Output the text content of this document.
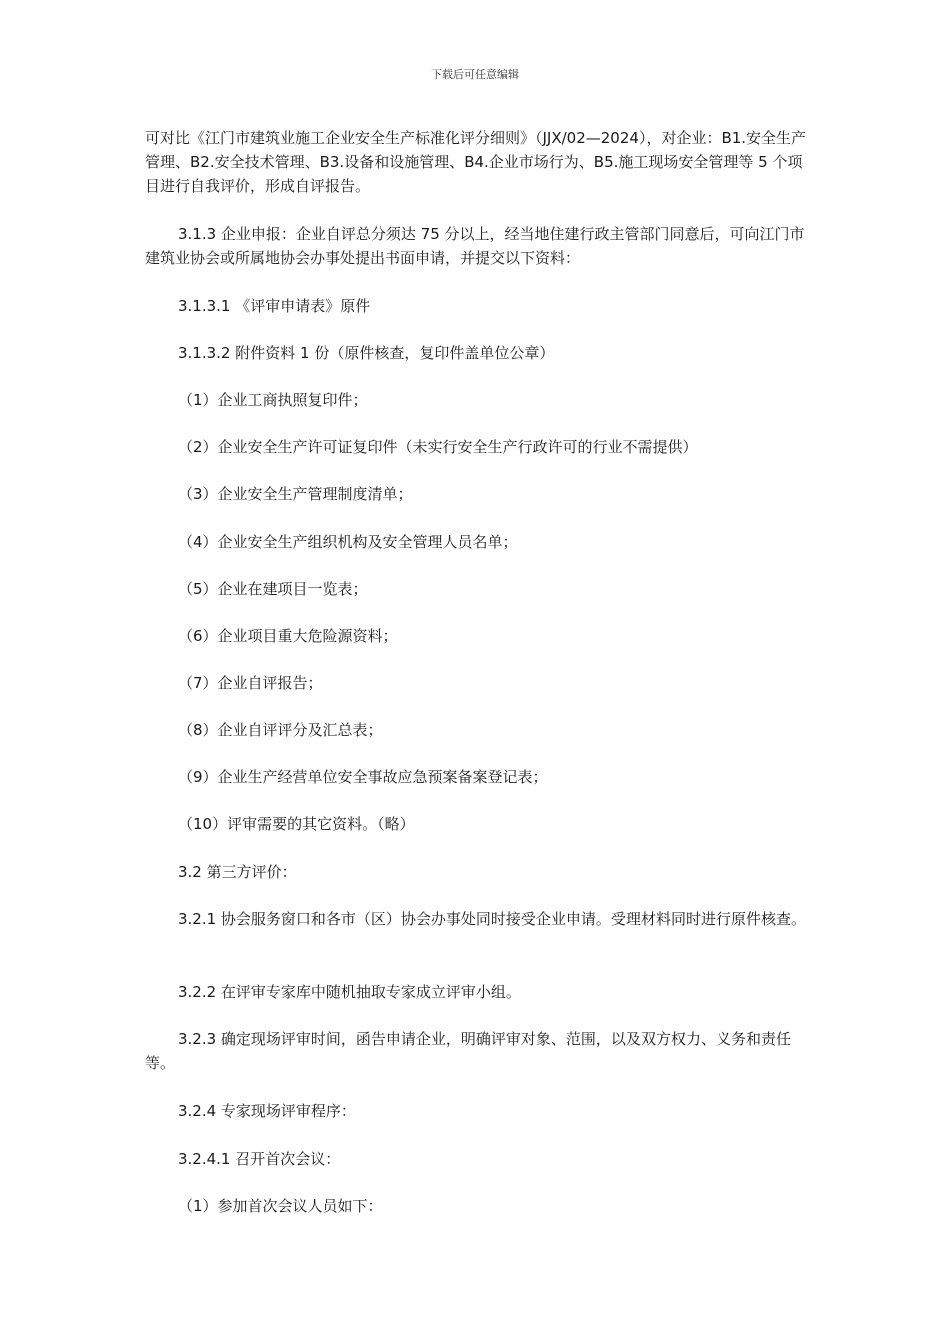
下载后可任意编辑

可对比《江门市建筑业施工企业安全生产标准化评分细则》（JJX/02—2024），对企业：B1.安全生产管理、B2.安全技术管理、B3.设备和设施管理、B4.企业市场行为、B5.施工现场安全管理等 5 个项目进行自我评价，形成自评报告。

3.1.3 企业申报：企业自评总分须达 75 分以上，经当地住建行政主管部门同意后，可向江门市建筑业协会或所属地协会办事处提出书面申请，并提交以下资料：

3.1.3.1 《评审申请表》原件

3.1.3.2 附件资料 1 份（原件核查，复印件盖单位公章）

（1）企业工商执照复印件；

（2）企业安全生产许可证复印件（未实行安全生产行政许可的行业不需提供）

（3）企业安全生产管理制度清单；

（4）企业安全生产组织机构及安全管理人员名单；

（5）企业在建项目一览表；

（6）企业项目重大危险源资料；

（7）企业自评报告；

（8）企业自评评分及汇总表；

（9）企业生产经营单位安全事故应急预案备案登记表；

（10）评审需要的其它资料。（略）

3.2 第三方评价：

3.2.1 协会服务窗口和各市（区）协会办事处同时接受企业申请。受理材料同时进行原件核查。

3.2.2 在评审专家库中随机抽取专家成立评审小组。

3.2.3 确定现场评审时间，函告申请企业，明确评审对象、范围，以及双方权力、义务和责任等。

3.2.4 专家现场评审程序：

3.2.4.1 召开首次会议：

（1）参加首次会议人员如下：
